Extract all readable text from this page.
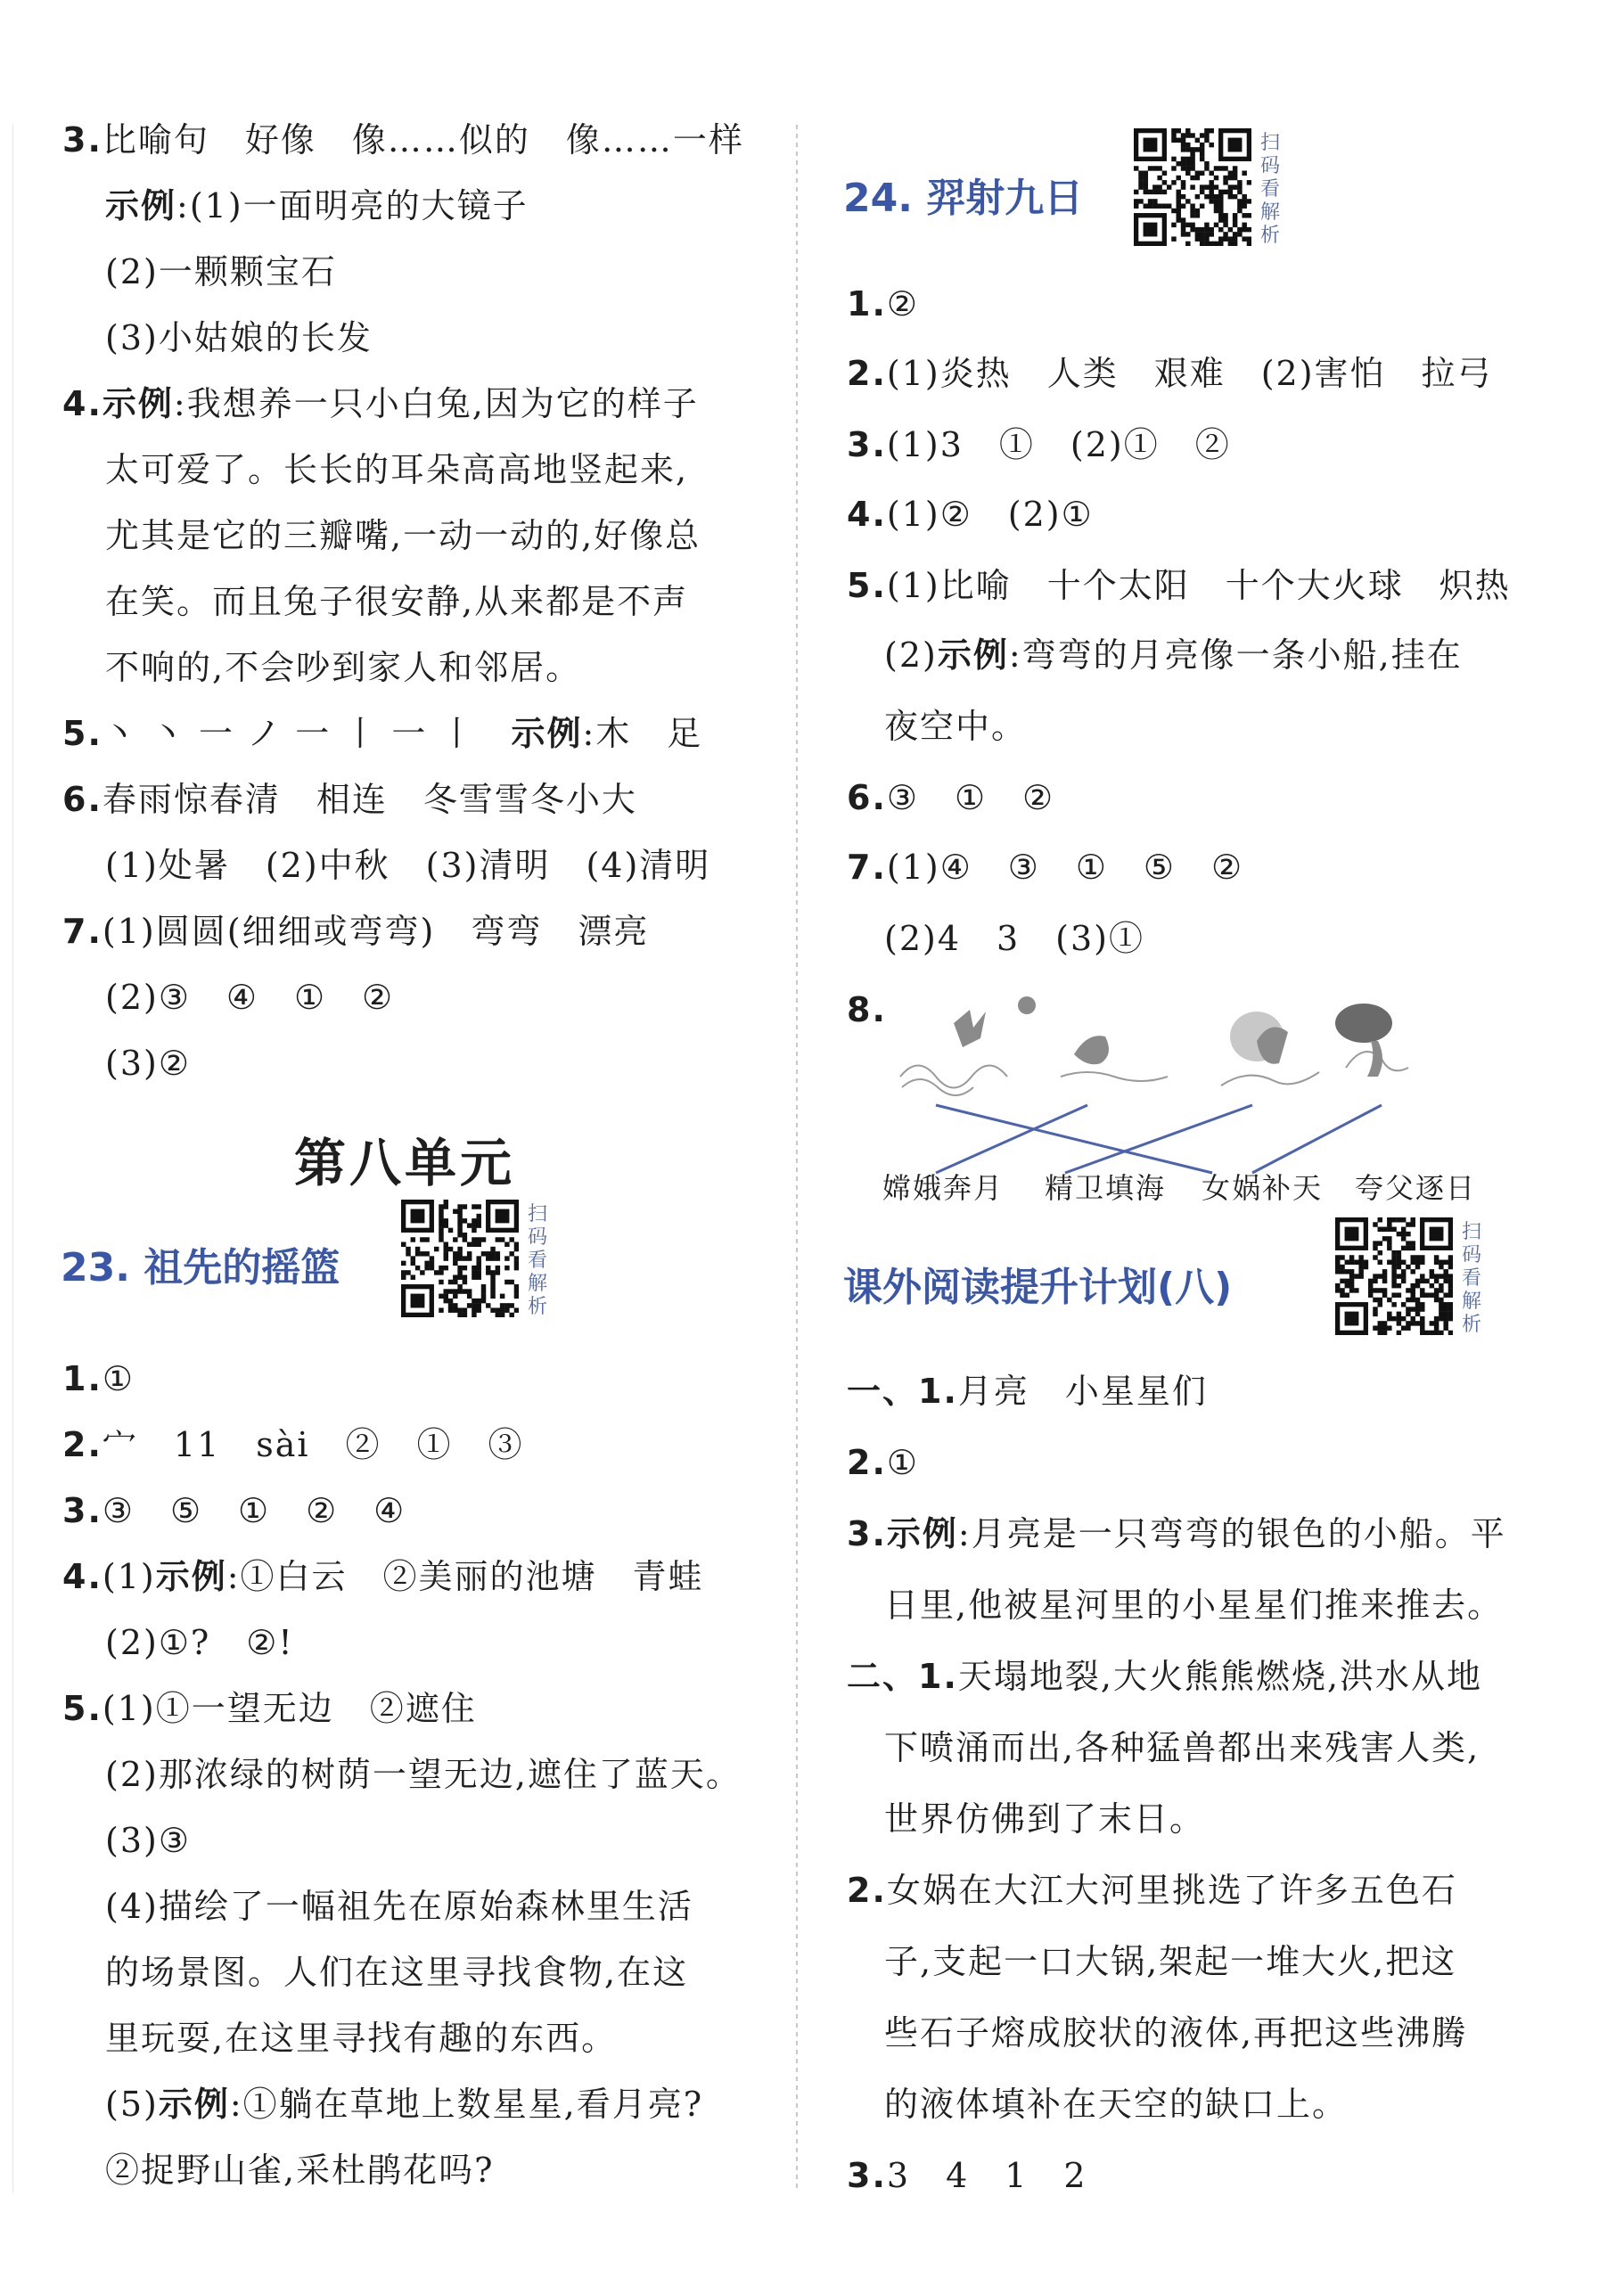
3.比喻句　好像　像……似的　像……一样
示例:(1)一面明亮的大镜子
(2)一颗颗宝石
(3)小姑娘的长发
4.示例:我想养一只小白兔,因为它的样子
太可爱了。长长的耳朵高高地竖起来,
尤其是它的三瓣嘴,一动一动的,好像总
在笑。而且兔子很安静,从来都是不声
不响的,不会吵到家人和邻居。
5.丶 丶 一 ノ 一 丨 一 丨　 示例:木　足
6.春雨惊春清　相连　冬雪雪冬小大
(1)处暑　(2)中秋　(3)清明　(4)清明
7.(1)圆圆(细细或弯弯)　弯弯　漂亮
(2)③　④　①　②
(3)②
第八单元
23. 祖先的摇篮
扫
码
看
解
析
1.①
2.宀　11　sài　②　①　③
3.③　⑤　①　②　④
4.(1)示例:①白云　②美丽的池塘　青蛙
(2)①?　②!
5.(1)①一望无边　②遮住
(2)那浓绿的树荫一望无边,遮住了蓝天。
(3)③
(4)描绘了一幅祖先在原始森林里生活
的场景图。人们在这里寻找食物,在这
里玩耍,在这里寻找有趣的东西。
(5)示例:①躺在草地上数星星,看月亮?
②捉野山雀,采杜鹃花吗?
24. 羿射九日
扫
码
看
解
析
1.②
2.(1)炎热　人类　艰难　(2)害怕　拉弓
3.(1)3　①　(2)①　②
4.(1)②　(2)①
5.(1)比喻　十个太阳　十个大火球　炽热
(2)示例:弯弯的月亮像一条小船,挂在
夜空中。
6.③　①　②
7.(1)④　③　①　⑤　②
(2)4　3　(3)①
8.
嫦娥奔月 精卫填海 女娲补天 夸父逐日
课外阅读提升计划(八)
扫
码
看
解
析
一、1.月亮　小星星们
2.①
3.示例:月亮是一只弯弯的银色的小船。平
日里,他被星河里的小星星们推来推去。
二、1.天塌地裂,大火熊熊燃烧,洪水从地
下喷涌而出,各种猛兽都出来残害人类,
世界仿佛到了末日。
2.女娲在大江大河里挑选了许多五色石
子,支起一口大锅,架起一堆大火,把这
些石子熔成胶状的液体,再把这些沸腾
的液体填补在天空的缺口上。
3.3　4　1　2
